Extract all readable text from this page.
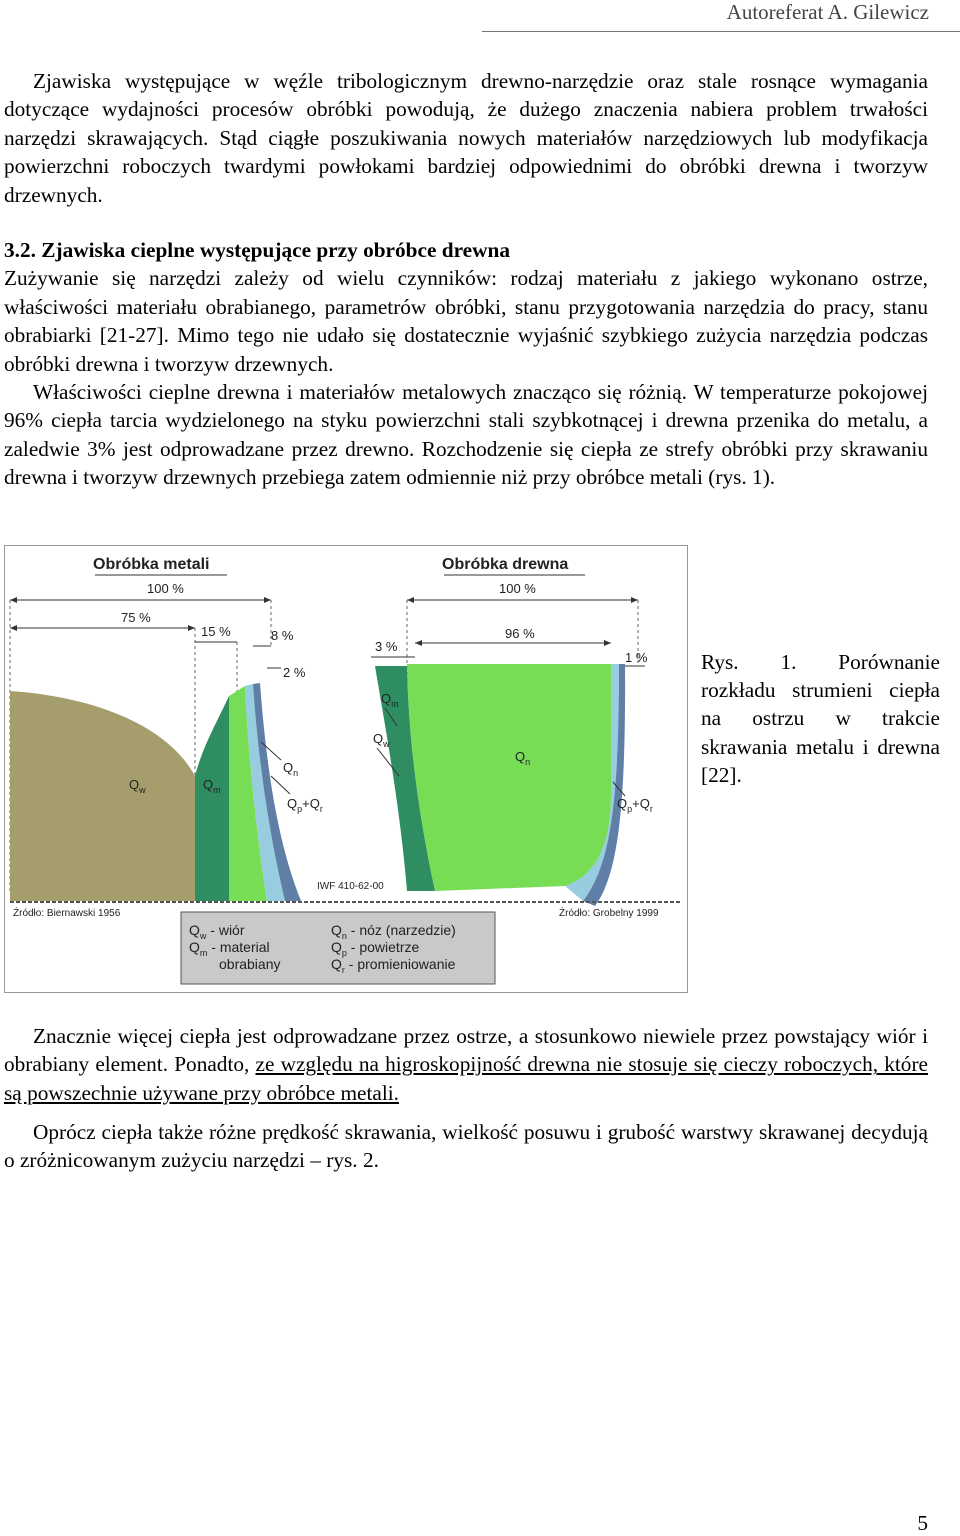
Autoreferat A. Gilewicz
Zjawiska występujące w węźle tribologicznym drewno-narzędzie oraz stale rosnące wymagania dotyczące wydajności procesów obróbki powodują, że dużego znaczenia nabiera problem trwałości narzędzi skrawających. Stąd ciągłe poszukiwania nowych materiałów narzędziowych lub modyfikacja powierzchni roboczych twardymi powłokami bardziej odpowiednimi do obróbki drewna i tworzyw drzewnych.
3.2. Zjawiska cieplne występujące przy obróbce drewna
Zużywanie się narzędzi zależy od wielu czynników: rodzaj materiału z jakiego wykonano ostrze, właściwości materiału obrabianego, parametrów obróbki, stanu przygotowania narzędzia do pracy, stanu obrabiarki [21-27]. Mimo tego nie udało się dostatecznie wyjaśnić szybkiego zużycia narzędzia podczas obróbki drewna i tworzyw drzewnych.
Właściwości cieplne drewna i materiałów metalowych znacząco się różnią. W temperaturze pokojowej 96% ciepła tarcia wydzielonego na styku powierzchni stali szybkotnącej i drewna przenika do metalu, a zaledwie 3% jest odprowadzane przez drewno. Rozchodzenie się ciepła ze strefy obróbki przy skrawaniu drewna i tworzyw drzewnych przebiega zatem odmiennie niż przy obróbce metali (rys. 1).
Obróbka metali
100 %
75 %
15 %	8 %
2 %
$Q_w$	$Q_m$
$Q_n$
$Q_p+Q_r$
Źródło: Biernawski 1956
Obróbka drewna
100 %
96 %
3 %
1 %
$Q_m$
$Q_w$
$Q_n$
$Q_p+Q_r$
IWF 410-62-00
Źródło: Grobelny 1999
$Q_w$ - wiór
$Q_m$ - material
obrabiany
$Q_n$ - nóz (narzedzie)
$Q_p$ - powietrze
$Q_r$ - promieniowanie
Rys. 1. Porównanie rozkładu strumieni ciepła na ostrzu w trakcie skrawania metalu i drewna [22].
Znacznie więcej ciepła jest odprowadzane przez ostrze, a stosunkowo niewiele przez powstający wiór i obrabiany element. Ponadto, ze względu na higroskopijność drewna nie stosuje się cieczy roboczych, które są powszechnie używane przy obróbce metali.
Oprócz ciepła także różne prędkość skrawania, wielkość posuwu i grubość warstwy skrawanej decydują o zróżnicowanym zużyciu narzędzi – rys. 2.
5
